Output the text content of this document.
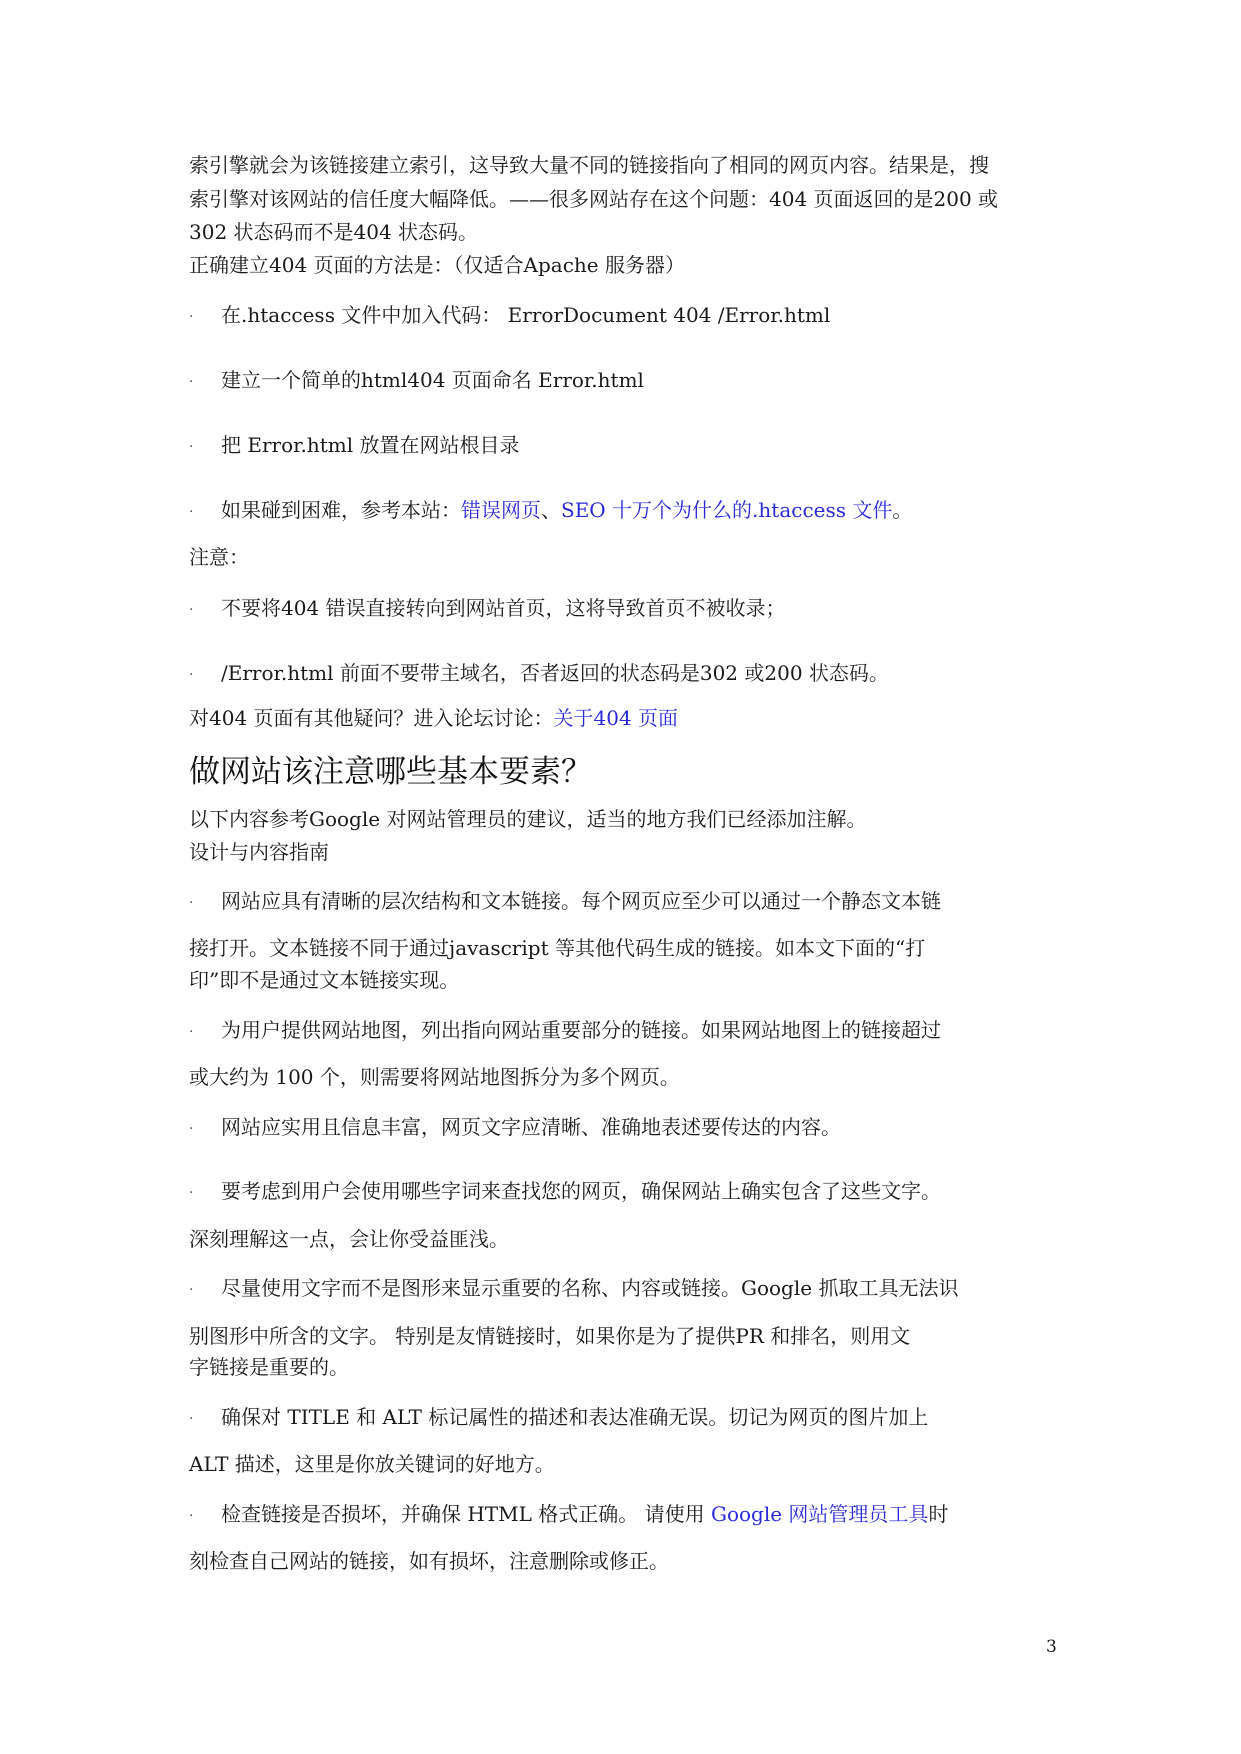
索引擎就会为该链接建立索引，这导致大量不同的链接指向了相同的网页内容。结果是，搜
索引擎对该网站的信任度大幅降低。——很多网站存在这个问题：404 页面返回的是200 或
302 状态码而不是404 状态码。
正确建立404 页面的方法是：（仅适合Apache 服务器）
· 在.htaccess 文件中加入代码： ErrorDocument 404 /Error.html
· 建立一个简单的html404 页面命名 Error.html
· 把 Error.html 放置在网站根目录
· 如果碰到困难，参考本站：错误网页、SEO 十万个为什么的.htaccess 文件。
注意：
· 不要将404 错误直接转向到网站首页，这将导致首页不被收录；
· /Error.html 前面不要带主域名，否者返回的状态码是302 或200 状态码。
对404 页面有其他疑问？进入论坛讨论：关于404 页面
做网站该注意哪些基本要素？
以下内容参考Google 对网站管理员的建议，适当的地方我们已经添加注解。
设计与内容指南
· 网站应具有清晰的层次结构和文本链接。每个网页应至少可以通过一个静态文本链
接打开。文本链接不同于通过javascript 等其他代码生成的链接。如本文下面的“打
印”即不是通过文本链接实现。
· 为用户提供网站地图，列出指向网站重要部分的链接。如果网站地图上的链接超过
或大约为 100 个，则需要将网站地图拆分为多个网页。
· 网站应实用且信息丰富，网页文字应清晰、准确地表述要传达的内容。
· 要考虑到用户会使用哪些字词来查找您的网页，确保网站上确实包含了这些文字。
深刻理解这一点，会让你受益匪浅。
· 尽量使用文字而不是图形来显示重要的名称、内容或链接。Google 抓取工具无法识
别图形中所含的文字。 特别是友情链接时，如果你是为了提供PR 和排名，则用文
字链接是重要的。
· 确保对 TITLE 和 ALT 标记属性的描述和表达准确无误。切记为网页的图片加上
ALT 描述，这里是你放关键词的好地方。
· 检查链接是否损坏，并确保 HTML 格式正确。 请使用 Google 网站管理员工具时
刻检查自己网站的链接，如有损坏，注意删除或修正。
3
